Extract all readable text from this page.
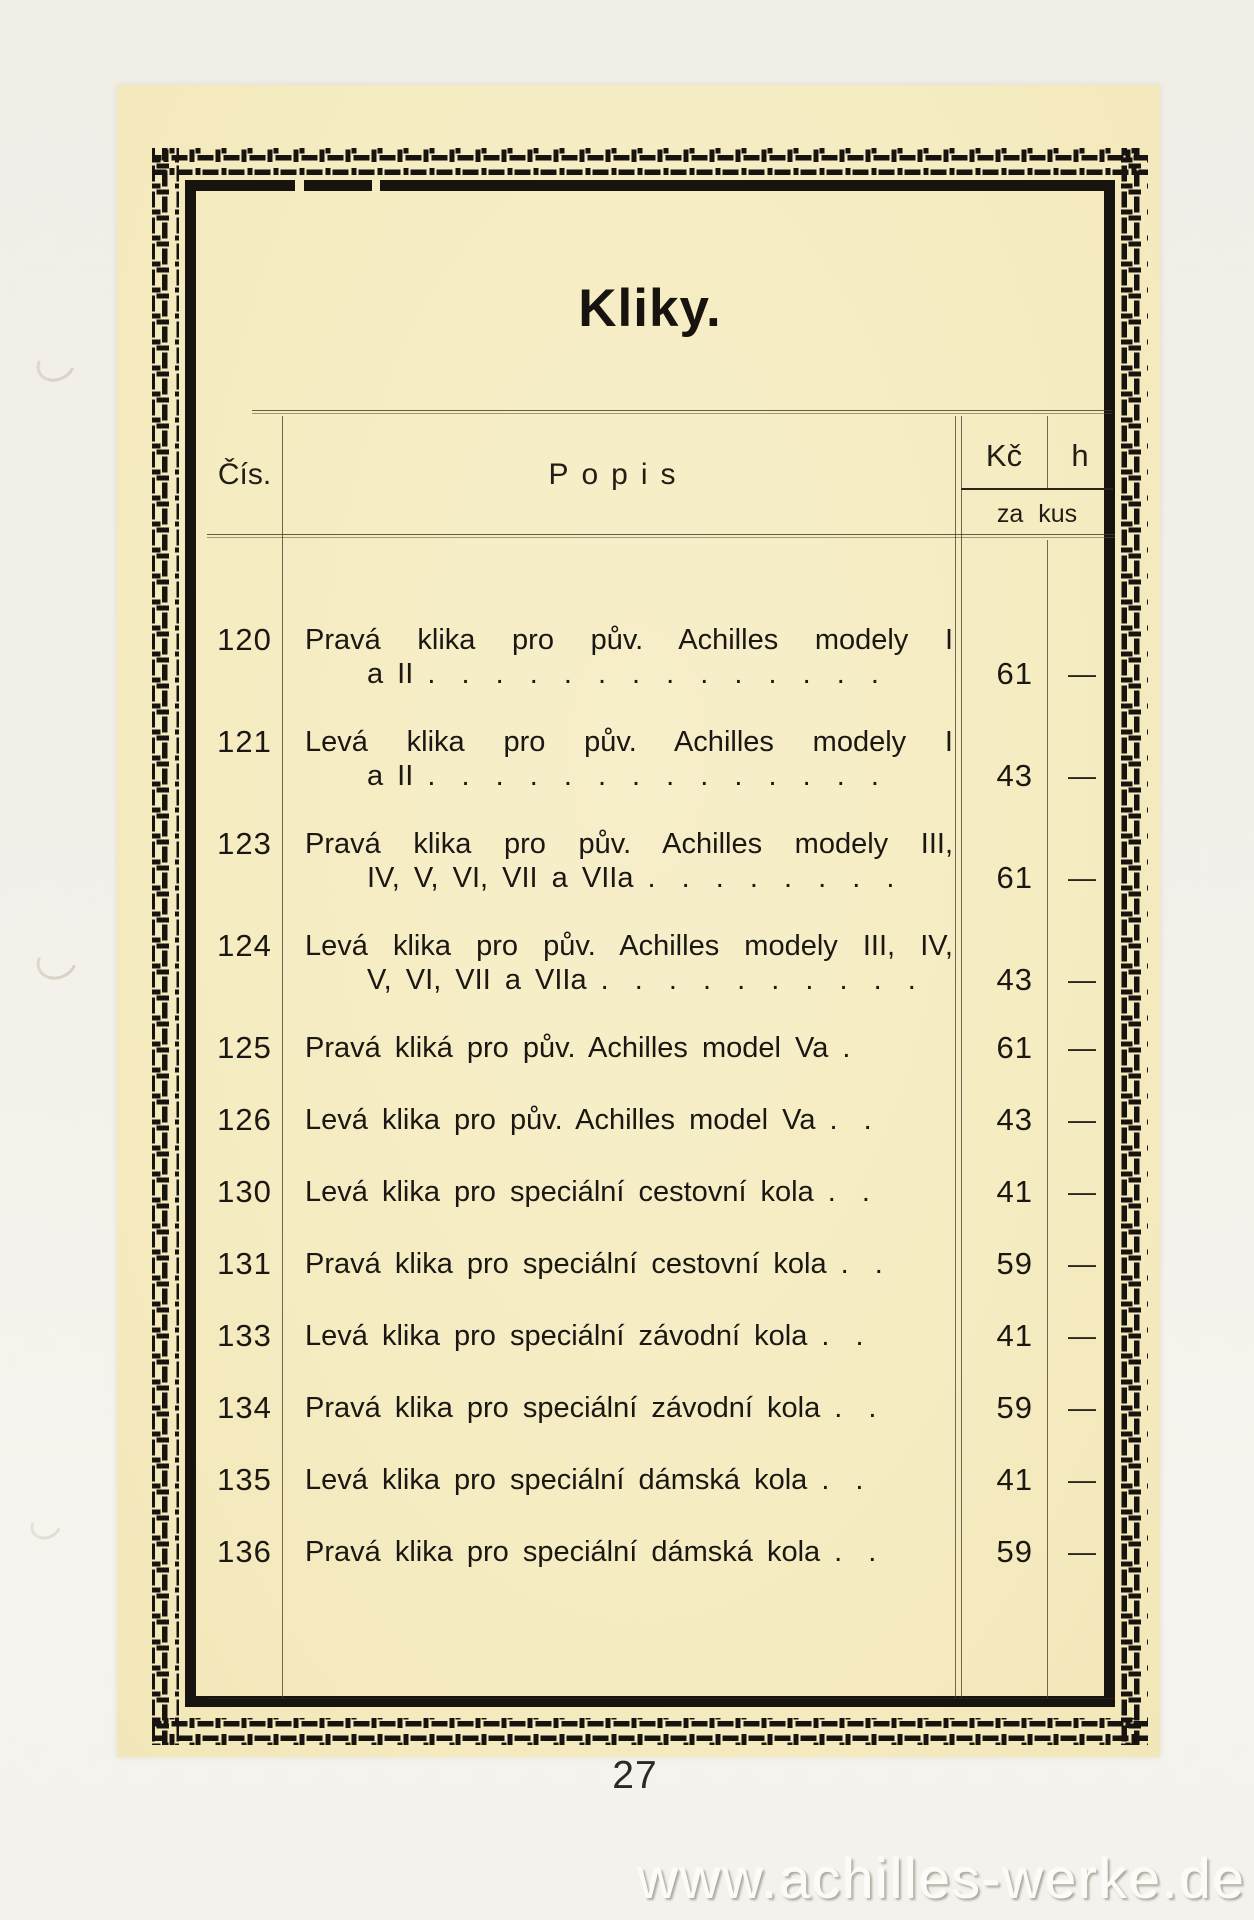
Kliky.
Čís.	Popis
Kč	h
za kus
120	Pravá klika pro pův. Achilles modely I
a II . . . . . . . . . . . . . .	61	—
121	Levá klika pro pův. Achilles modely I
a II . . . . . . . . . . . . . .	43	—
123	Pravá klika pro pův. Achilles modely III,
IV, V, VI, VII a VIIa . . . . . . . .	61	—
124	Levá klika pro pův. Achilles modely III, IV,
V, VI, VII a VIIa . . . . . . . . . .	43	—
125	Pravá kliká pro pův. Achilles model Va .	61	—
126	Levá klika pro pův. Achilles model Va . .	43	—
130	Levá klika pro speciální cestovní kola . .	41	—
131	Pravá klika pro speciální cestovní kola . .	59	—
133	Levá klika pro speciální závodní kola . .	41	—
134	Pravá klika pro speciální závodní kola . .	59	—
135	Levá klika pro speciální dámská kola . .	41	—
136	Pravá klika pro speciální dámská kola . .	59	—
27
www.achilles-werke.de
